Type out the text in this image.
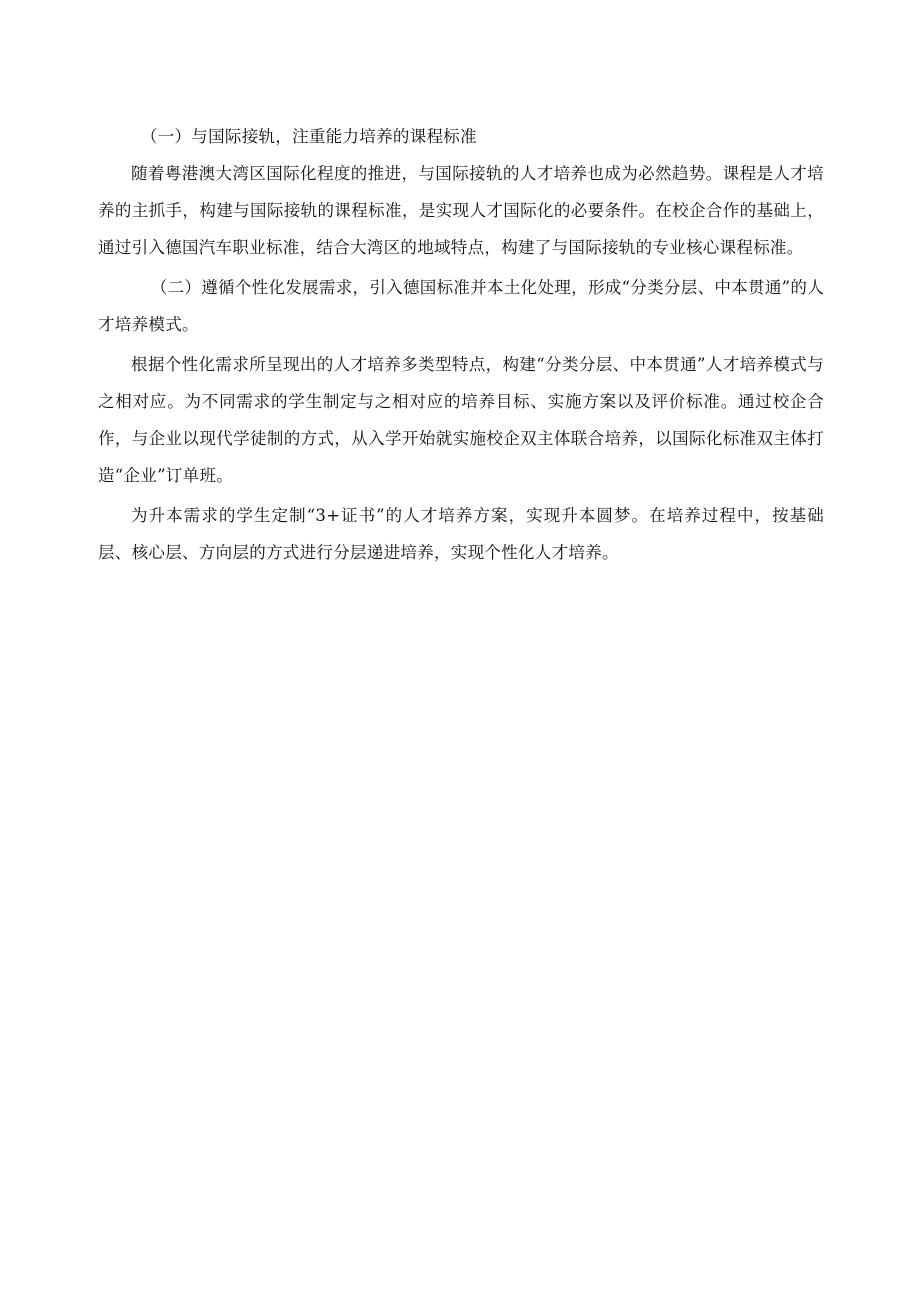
（一）与国际接轨，注重能力培养的课程标准

随着粤港澳大湾区国际化程度的推进，与国际接轨的人才培养也成为必然趋势。课程是人才培养的主抓手，构建与国际接轨的课程标准，是实现人才国际化的必要条件。在校企合作的基础上，通过引入德国汽车职业标准，结合大湾区的地域特点，构建了与国际接轨的专业核心课程标准。

（二）遵循个性化发展需求，引入德国标准并本土化处理，形成“分类分层、中本贯通”的人才培养模式。

根据个性化需求所呈现出的人才培养多类型特点，构建“分类分层、中本贯通”人才培养模式与之相对应。为不同需求的学生制定与之相对应的培养目标、实施方案以及评价标准。通过校企合作，与企业以现代学徒制的方式，从入学开始就实施校企双主体联合培养，以国际化标准双主体打造“企业”订单班。

为升本需求的学生定制“3+证书”的人才培养方案，实现升本圆梦。在培养过程中，按基础层、核心层、方向层的方式进行分层递进培养，实现个性化人才培养。
